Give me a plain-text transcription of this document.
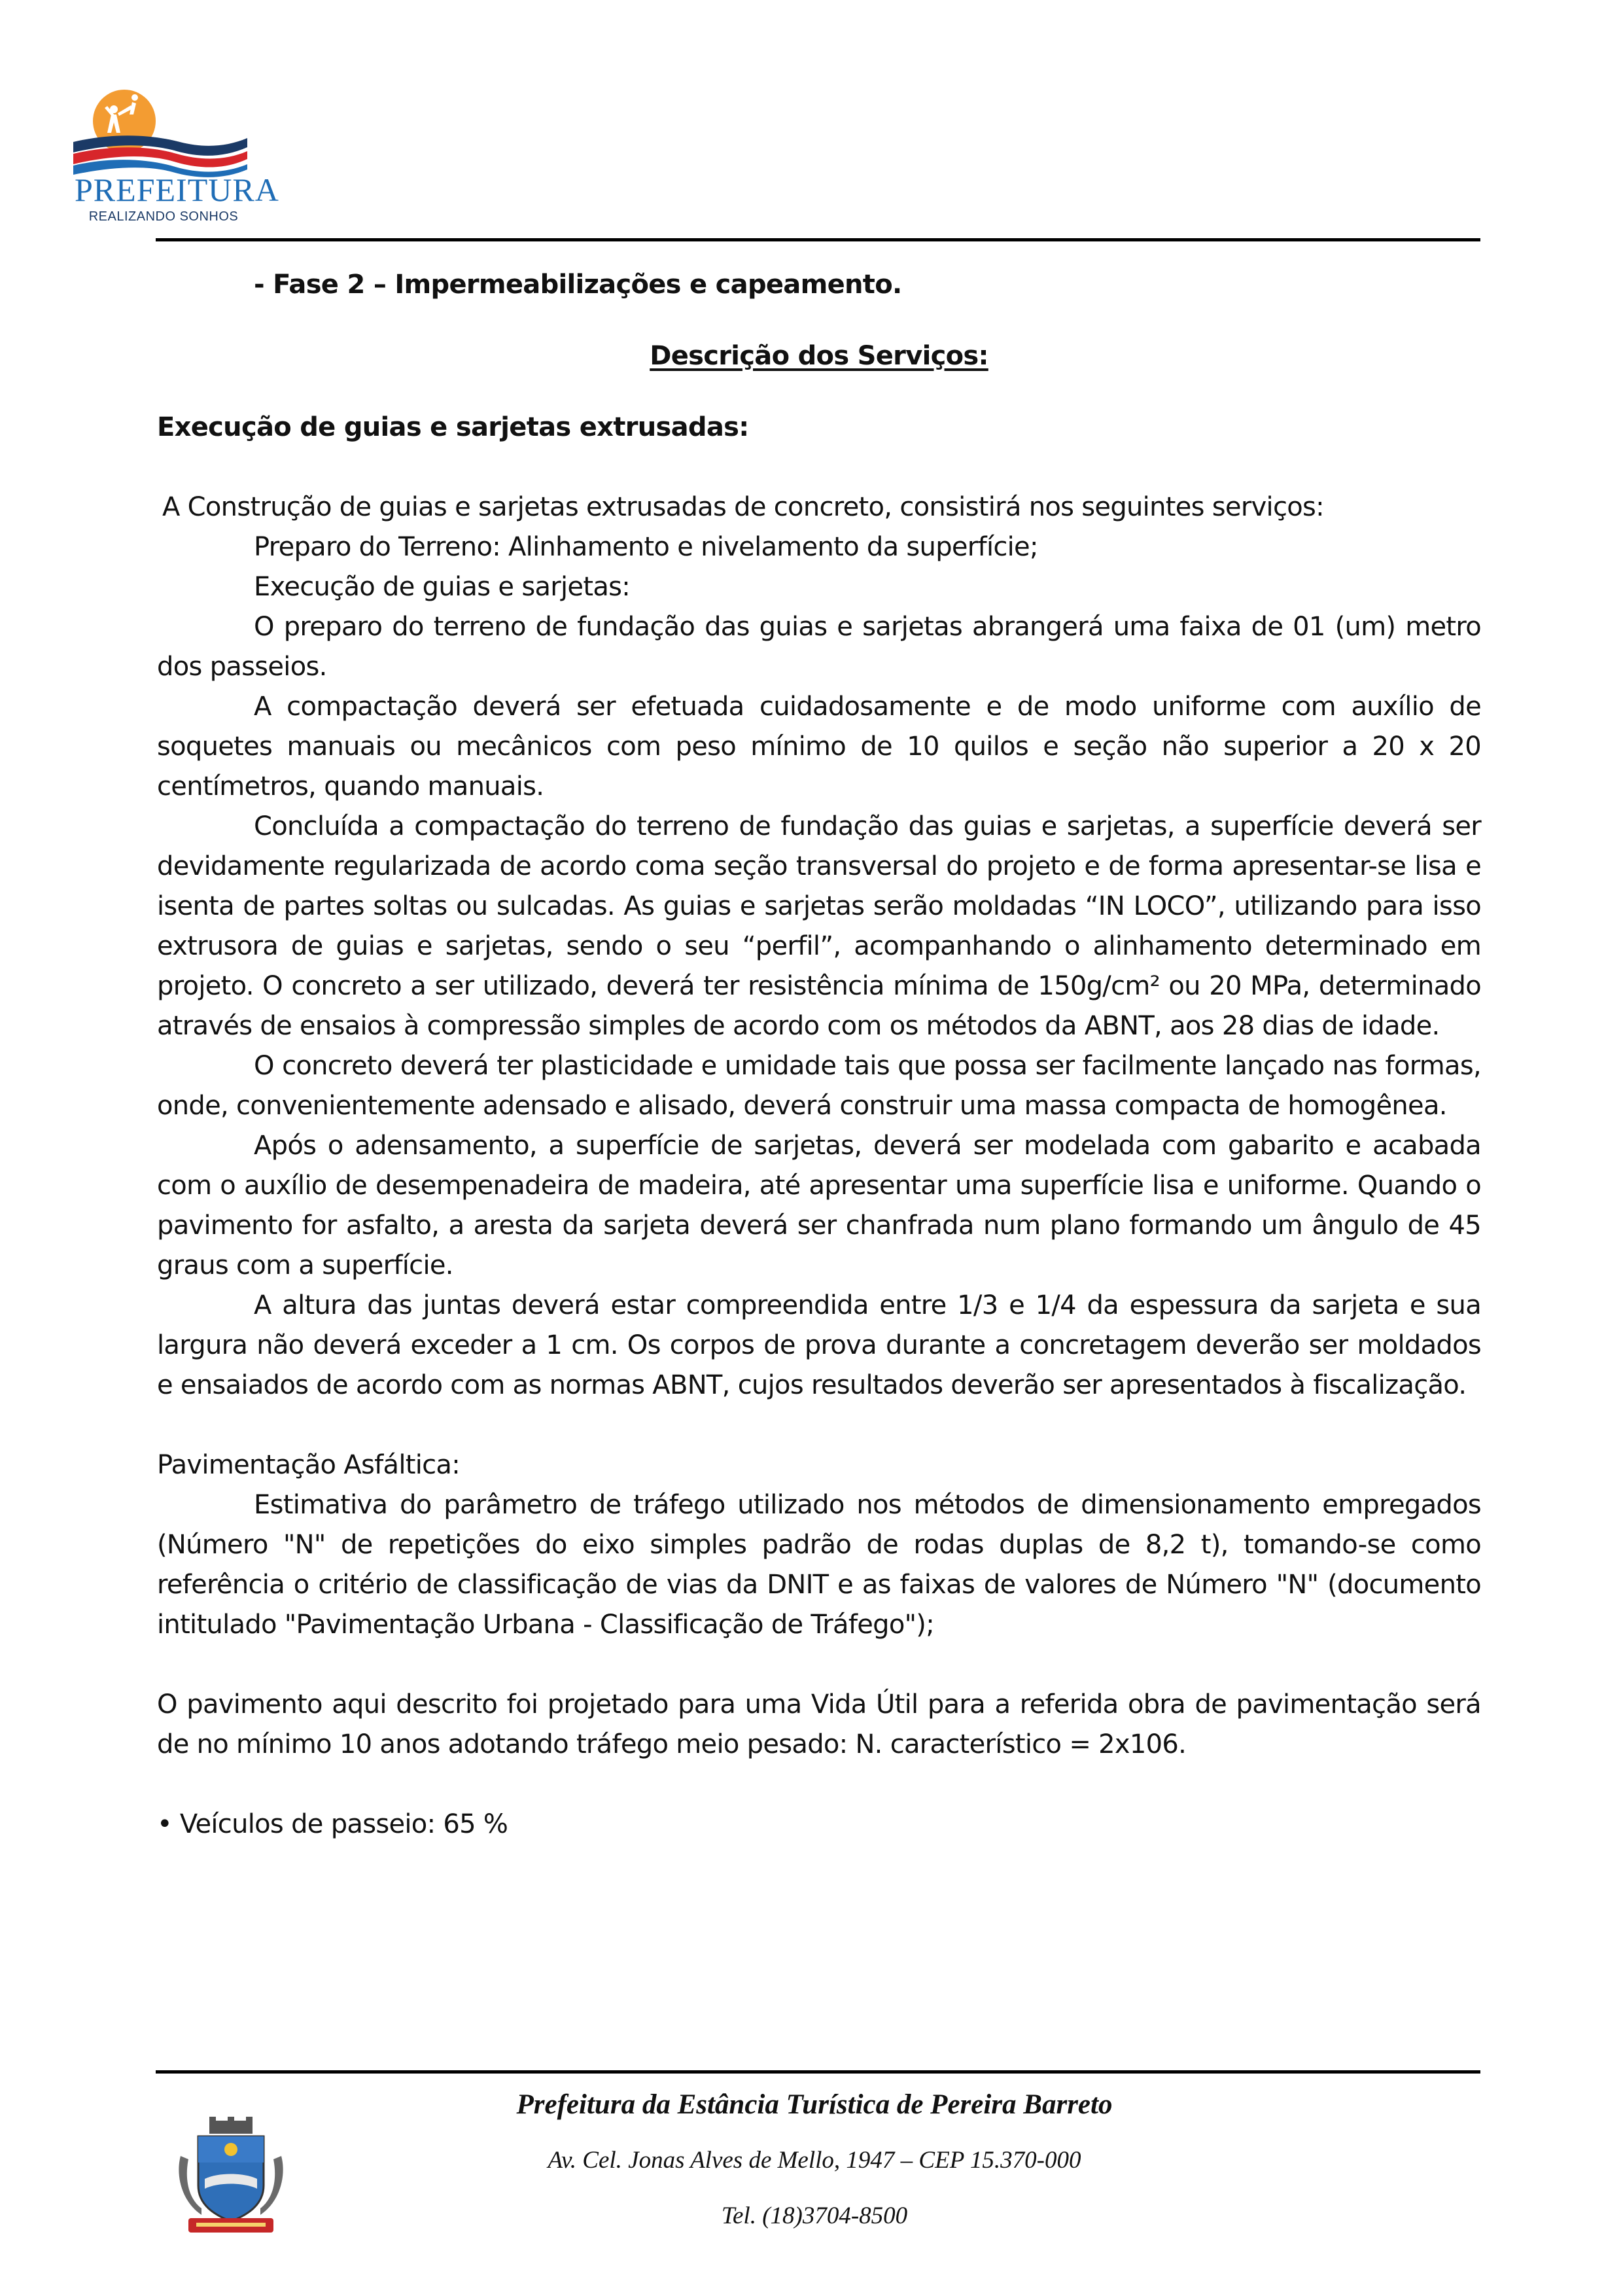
PREFEITURA
REALIZANDO SONHOS

- Fase 2 – Impermeabilizações e capeamento.

Descrição dos Serviços:

Execução de guias e sarjetas extrusadas:

A Construção de guias e sarjetas extrusadas de concreto, consistirá nos seguintes serviços:

Preparo do Terreno: Alinhamento e nivelamento da superfície;

Execução de guias e sarjetas:

O preparo do terreno de fundação das guias e sarjetas abrangerá uma faixa de 01 (um) metro dos passeios.

A compactação deverá ser efetuada cuidadosamente e de modo uniforme com auxílio de soquetes manuais ou mecânicos com peso mínimo de 10 quilos e seção não superior a 20 x 20 centímetros, quando manuais.

Concluída a compactação do terreno de fundação das guias e sarjetas, a superfície deverá ser devidamente regularizada de acordo coma seção transversal do projeto e de forma apresentar-se lisa e isenta de partes soltas ou sulcadas. As guias e sarjetas serão moldadas “IN LOCO”, utilizando para isso extrusora de guias e sarjetas, sendo o seu “perfil”, acompanhando o alinhamento determinado em projeto. O concreto a ser utilizado, deverá ter resistência mínima de 150g/cm² ou 20 MPa, determinado através de ensaios à compressão simples de acordo com os métodos da ABNT, aos 28 dias de idade.

O concreto deverá ter plasticidade e umidade tais que possa ser facilmente lançado nas formas, onde, convenientemente adensado e alisado, deverá construir uma massa compacta de homogênea.

Após o adensamento, a superfície de sarjetas, deverá ser modelada com gabarito e acabada com o auxílio de desempenadeira de madeira, até apresentar uma superfície lisa e uniforme. Quando o pavimento for asfalto, a aresta da sarjeta deverá ser chanfrada num plano formando um ângulo de 45 graus com a superfície.

A altura das juntas deverá estar compreendida entre 1/3 e 1/4 da espessura da sarjeta e sua largura não deverá exceder a 1 cm. Os corpos de prova durante a concretagem deverão ser moldados e ensaiados de acordo com as normas ABNT, cujos resultados deverão ser apresentados à fiscalização.

Pavimentação Asfáltica:

Estimativa do parâmetro de tráfego utilizado nos métodos de dimensionamento empregados (Número "N" de repetições do eixo simples padrão de rodas duplas de 8,2 t), tomando-se como referência o critério de classificação de vias da DNIT e as faixas de valores de Número "N" (documento intitulado "Pavimentação Urbana - Classificação de Tráfego");

O pavimento aqui descrito foi projetado para uma Vida Útil para a referida obra de pavimentação será de no mínimo 10 anos adotando tráfego meio pesado: N. característico = 2x106.

• Veículos de passeio: 65 %

Prefeitura da Estância Turística de Pereira Barreto
Av. Cel. Jonas Alves de Mello, 1947 – CEP 15.370-000
Tel. (18)3704-8500
